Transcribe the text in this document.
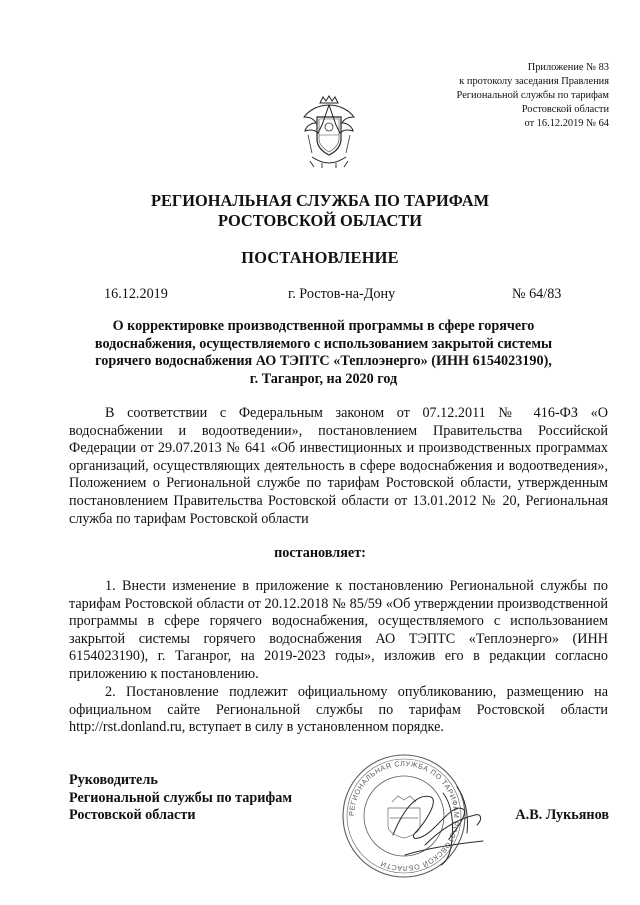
Приложение № 83
к протоколу заседания Правления
Региональной службы по тарифам
Ростовской области
от 16.12.2019 № 64
РЕГИОНАЛЬНАЯ СЛУЖБА ПО ТАРИФАМ
РОСТОВСКОЙ ОБЛАСТИ
ПОСТАНОВЛЕНИЕ
16.12.2019	г. Ростов-на-Дону	№ 64/83
О корректировке производственной программы в сфере горячего
водоснабжения, осуществляемого с использованием закрытой системы
горячего водоснабжения АО ТЭПТС «Теплоэнерго» (ИНН 6154023190),
г. Таганрог, на 2020 год
В соответствии с Федеральным законом от 07.12.2011 № 416-ФЗ «О водоснабжении и водоотведении», постановлением Правительства Российской Федерации от 29.07.2013 № 641 «Об инвестиционных и производственных программах организаций, осуществляющих деятельность в сфере водоснабжения и водоотведения», Положением о Региональной службе по тарифам Ростовской области, утвержденным постановлением Правительства Ростовской области от 13.01.2012 № 20, Региональная служба по тарифам Ростовской области
постановляет:
1. Внести изменение в приложение к постановлению Региональной службы по тарифам Ростовской области от 20.12.2018 № 85/59 «Об утверждении производственной программы в сфере горячего водоснабжения, осуществляемого с использованием закрытой системы горячего водоснабжения АО ТЭПТС «Теплоэнерго» (ИНН 6154023190), г. Таганрог, на 2019-2023 годы», изложив его в редакции согласно приложению к постановлению.
2. Постановление подлежит официальному опубликованию, размещению на официальном сайте Региональной службы по тарифам Ростовской области http://rst.donland.ru, вступает в силу в установленном порядке.
Руководитель
Региональной службы по тарифам
Ростовской области	А.В. Лукьянов
РЕГИОНАЛЬНАЯ СЛУЖБА ПО ТАРИФАМ РОСТОВСКОЙ ОБЛАСТИ
